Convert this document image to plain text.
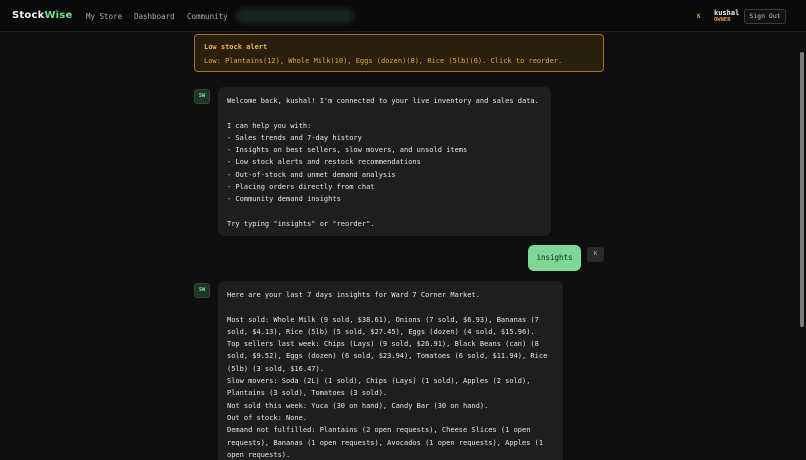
StockWise My Store Dashboard Community	K kushal
OWNER	Sign Out
Low stock alert
Low: Plantains(12), Whole Milk(10), Eggs (dozen)(8), Rice (5lb)(6). Click to reorder.
SW
Welcome back, kushal! I'm connected to your live inventory and sales data.
I can help you with:
- Sales trends and 7-day history
- Insights on best sellers, slow movers, and unsold items
- Low stock alerts and restock recommendations
- Out-of-stock and unmet demand analysis
- Placing orders directly from chat
- Community demand insights
Try typing "insights" or "reorder".
insights	K
SW
Here are your last 7 days insights for Ward 7 Corner Market.
Most sold: Whole Milk (9 sold, $38.61), Onions (7 sold, $6.93), Bananas (7
sold, $4.13), Rice (5lb) (5 sold, $27.45), Eggs (dozen) (4 sold, $15.96).
Top sellers last week: Chips (Lays) (9 sold, $26.91), Black Beans (can) (8
sold, $9.52), Eggs (dozen) (6 sold, $23.94), Tomatoes (6 sold, $11.94), Rice
(5lb) (3 sold, $16.47).
Slow movers: Soda (2L) (1 sold), Chips (Lays) (1 sold), Apples (2 sold),
Plantains (3 sold), Tomatoes (3 sold).
Not sold this week: Yuca (30 on hand), Candy Bar (30 on hand).
Out of stock: None.
Demand not fulfilled: Plantains (2 open requests), Cheese Slices (1 open
requests), Bananas (1 open requests), Avocados (1 open requests), Apples (1
open requests).
